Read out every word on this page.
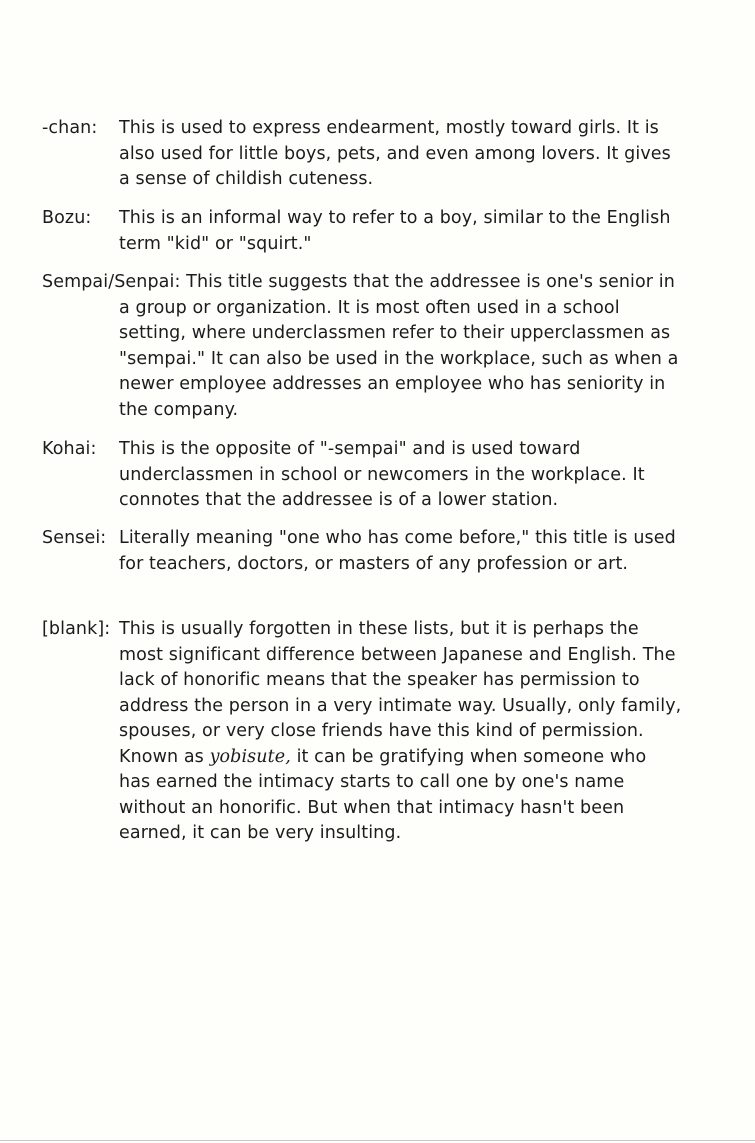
-chan: This is used to express endearment, mostly toward girls. It is also used for little boys, pets, and even among lovers. It gives a sense of childish cuteness.
Bozu: This is an informal way to refer to a boy, similar to the English term "kid" or "squirt."
Sempai/Senpai: This title suggests that the addressee is one's senior in a group or organization. It is most often used in a school setting, where underclassmen refer to their upperclassmen as "sempai." It can also be used in the workplace, such as when a newer employee addresses an employee who has seniority in the company.
Kohai: This is the opposite of "-sempai" and is used toward underclassmen in school or newcomers in the workplace. It connotes that the addressee is of a lower station.
Sensei: Literally meaning "one who has come before," this title is used for teachers, doctors, or masters of any profession or art.
[blank]: This is usually forgotten in these lists, but it is perhaps the most significant difference between Japanese and English. The lack of honorific means that the speaker has permission to address the person in a very intimate way. Usually, only family, spouses, or very close friends have this kind of permission. Known as yobisute, it can be gratifying when someone who has earned the intimacy starts to call one by one's name without an honorific. But when that intimacy hasn't been earned, it can be very insulting.
